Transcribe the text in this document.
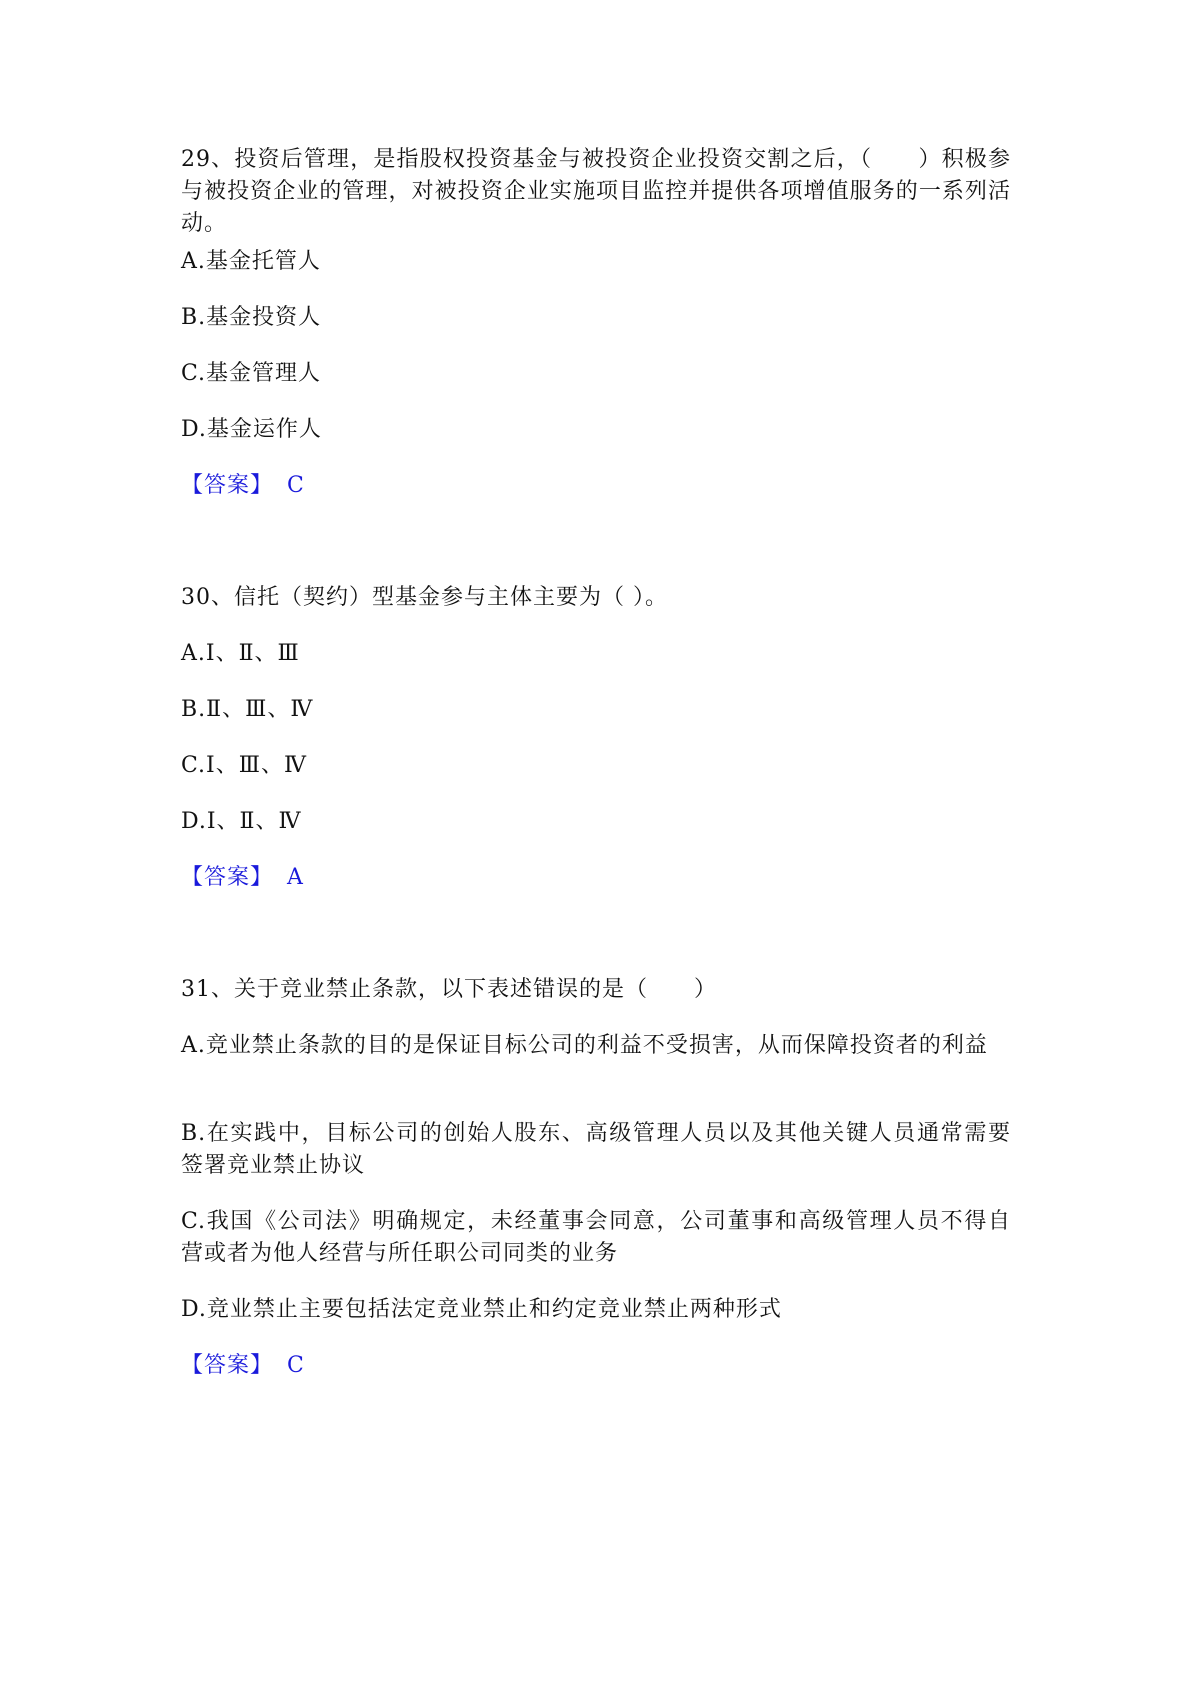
29、投资后管理，是指股权投资基金与被投资企业投资交割之后，（　　）积极参与被投资企业的管理，对被投资企业实施项目监控并提供各项增值服务的一系列活动。

A.基金托管人

B.基金投资人

C.基金管理人

D.基金运作人

【答案】 C

30、信托（契约）型基金参与主体主要为（ ）。

A.Ⅰ、Ⅱ、Ⅲ

B.Ⅱ、Ⅲ、Ⅳ

C.Ⅰ、Ⅲ、Ⅳ

D.Ⅰ、Ⅱ、Ⅳ

【答案】 A

31、关于竞业禁止条款，以下表述错误的是（　　）

A.竞业禁止条款的目的是保证目标公司的利益不受损害，从而保障投资者的利益

B.在实践中，目标公司的创始人股东、高级管理人员以及其他关键人员通常需要签署竞业禁止协议

C.我国《公司法》明确规定，未经董事会同意，公司董事和高级管理人员不得自营或者为他人经营与所任职公司同类的业务

D.竞业禁止主要包括法定竞业禁止和约定竞业禁止两种形式

【答案】 C
